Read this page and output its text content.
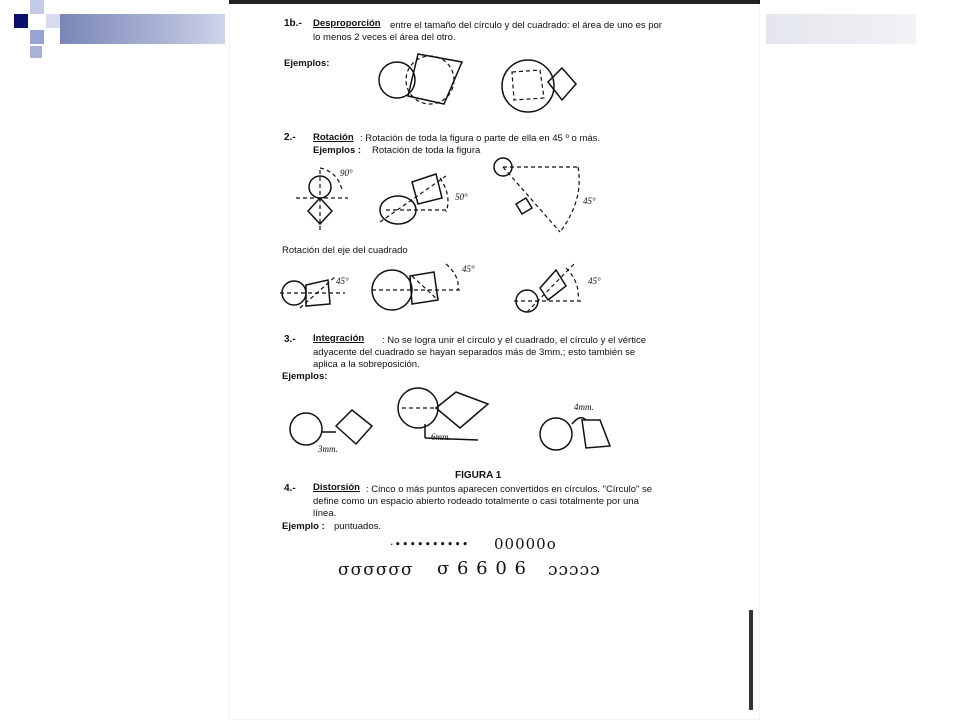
1b.- Desproporción entre el tamaño del círculo y del cuadrado: el área de uno es por
lo menos 2 veces el área del otro.
Ejemplos:
2.- Rotación : Rotación de toda la figura o parte de ella en 45 º o más.
Ejemplos : Rotación de toda la figura
Rotación del eje del cuadrado
3.- Integración : No se logra unir el círculo y el cuadrado, el círculo y el vértice
adyacente del cuadrado se hayan separados más de 3mm.; esto también se
aplica a la sobreposición.
Ejemplos:
FIGURA 1
4.- Distorsión : Cinco o más puntos aparecen convertidos en círculos. "Círculo" se
define como un espacio abierto rodeado totalmente o casi totalmente por una
línea.
Ejemplo : puntuados.
·•••••••••• 00000o
σσσσσσ σ 6 6 0 6 ɔɔɔɔɔ
90°
50°	45°
45°
45°
45°
3mm.
6mm.
4mm.
